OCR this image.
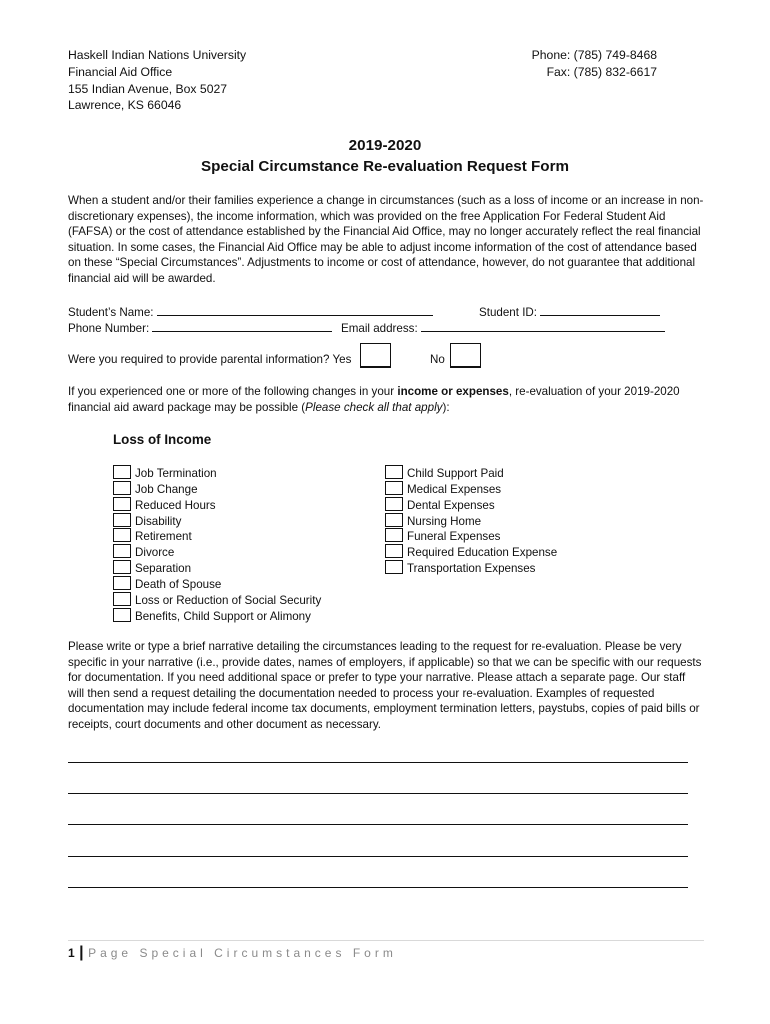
Haskell Indian Nations University
Financial Aid Office
155 Indian Avenue, Box 5027
Lawrence, KS 66046
Phone: (785) 749-8468
Fax: (785) 832-6617
2019-2020
Special Circumstance Re-evaluation Request Form
When a student and/or their families experience a change in circumstances (such as a loss of income or an increase in non-discretionary expenses), the income information, which was provided on the free Application For Federal Student Aid (FAFSA) or the cost of attendance established by the Financial Aid Office, may no longer accurately reflect the real financial situation. In some cases, the Financial Aid Office may be able to adjust income information of the cost of attendance based on these “Special Circumstances”. Adjustments to income or cost of attendance, however, do not guarantee that additional financial aid will be awarded.
Student’s Name:	Student ID:
Phone Number:	Email address:
Were you required to provide parental information? Yes	No
If you experienced one or more of the following changes in your income or expenses, re-evaluation of your 2019-2020 financial aid award package may be possible (Please check all that apply):
Loss of Income
Job Termination
Job Change
Reduced Hours
Disability
Retirement
Divorce
Separation
Death of Spouse
Loss or Reduction of Social Security
Benefits, Child Support or Alimony
Child Support Paid
Medical Expenses
Dental Expenses
Nursing Home
Funeral Expenses
Required Education Expense
Transportation Expenses
Please write or type a brief narrative detailing the circumstances leading to the request for re-evaluation. Please be very specific in your narrative (i.e., provide dates, names of employers, if applicable) so that we can be specific with our requests for documentation. If you need additional space or prefer to type your narrative. Please attach a separate page. Our staff will then send a request detailing the documentation needed to process your re-evaluation. Examples of requested documentation may include federal income tax documents, employment termination letters, paystubs, copies of paid bills or receipts, court documents and other document as necessary.
1 | Page Special Circumstances Form
